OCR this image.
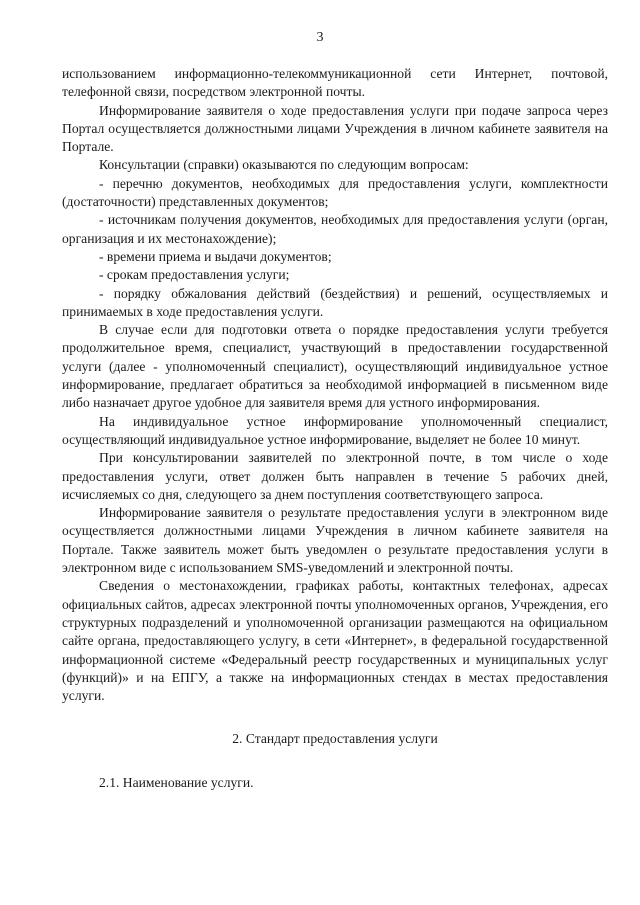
3

использованием информационно-телекоммуникационной сети Интернет, почтовой, телефонной связи, посредством электронной почты.

Информирование заявителя о ходе предоставления услуги при подаче запроса через Портал осуществляется должностными лицами Учреждения в личном кабинете заявителя на Портале.

Консультации (справки) оказываются по следующим вопросам:

- перечню документов, необходимых для предоставления услуги, комплектности (достаточности) представленных документов;

- источникам получения документов, необходимых для предоставления услуги (орган, организация и их местонахождение);

- времени приема и выдачи документов;

- срокам предоставления услуги;

- порядку обжалования действий (бездействия) и решений, осуществляемых и принимаемых в ходе предоставления услуги.

В случае если для подготовки ответа о порядке предоставления услуги требуется продолжительное время, специалист, участвующий в предоставлении государственной услуги (далее - уполномоченный специалист), осуществляющий индивидуальное устное информирование, предлагает обратиться за необходимой информацией в письменном виде либо назначает другое удобное для заявителя время для устного информирования.

На индивидуальное устное информирование уполномоченный специалист, осуществляющий индивидуальное устное информирование, выделяет не более 10 минут.

При консультировании заявителей по электронной почте, в том числе о ходе предоставления услуги, ответ должен быть направлен в течение 5 рабочих дней, исчисляемых со дня, следующего за днем поступления соответствующего запроса.

Информирование заявителя о результате предоставления услуги в электронном виде осуществляется должностными лицами Учреждения в личном кабинете заявителя на Портале. Также заявитель может быть уведомлен о результате предоставления услуги в электронном виде с использованием SMS-уведомлений и электронной почты.

Сведения о местонахождении, графиках работы, контактных телефонах, адресах официальных сайтов, адресах электронной почты уполномоченных органов, Учреждения, его структурных подразделений и уполномоченной организации размещаются на официальном сайте органа, предоставляющего услугу, в сети «Интернет», в федеральной государственной информационной системе «Федеральный реестр государственных и муниципальных услуг (функций)» и на ЕПГУ, а также на информационных стендах в местах предоставления услуги.

2. Стандарт предоставления услуги

2.1. Наименование услуги.
